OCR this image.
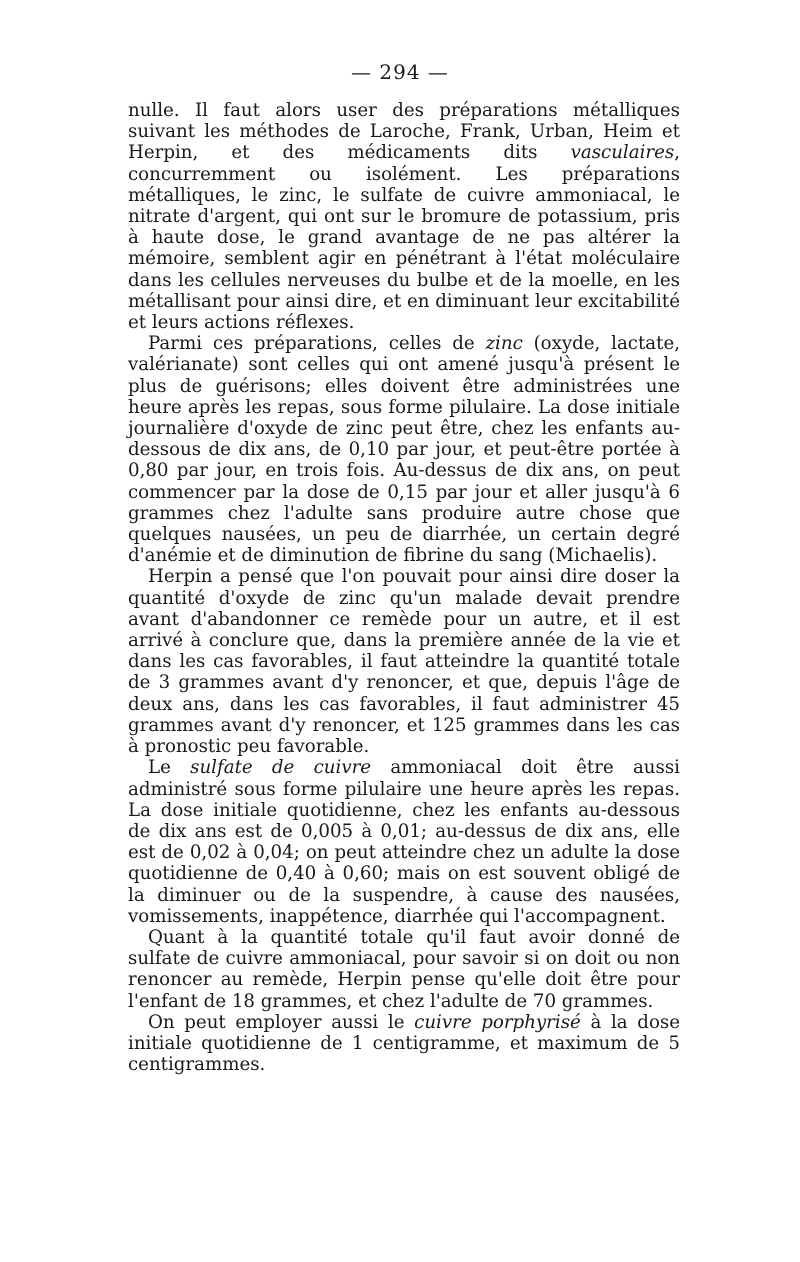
— 294 —

nulle. Il faut alors user des préparations métalliques suivant les méthodes de Laroche, Frank, Urban, Heim et Herpin, et des médicaments dits vasculaires, concurremment ou isolément. Les préparations métalliques, le zinc, le sulfate de cuivre ammoniacal, le nitrate d'argent, qui ont sur le bromure de potassium, pris à haute dose, le grand avantage de ne pas altérer la mémoire, semblent agir en pénétrant à l'état moléculaire dans les cellules nerveuses du bulbe et de la moelle, en les métallisant pour ainsi dire, et en diminuant leur excitabilité et leurs actions réflexes.

Parmi ces préparations, celles de zinc (oxyde, lactate, valérianate) sont celles qui ont amené jusqu'à présent le plus de guérisons; elles doivent être administrées une heure après les repas, sous forme pilulaire. La dose initiale journalière d'oxyde de zinc peut être, chez les enfants au-dessous de dix ans, de 0,10 par jour, et peut-être portée à 0,80 par jour, en trois fois. Au-dessus de dix ans, on peut commencer par la dose de 0,15 par jour et aller jusqu'à 6 grammes chez l'adulte sans produire autre chose que quelques nausées, un peu de diarrhée, un certain degré d'anémie et de diminution de fibrine du sang (Michaelis).

Herpin a pensé que l'on pouvait pour ainsi dire doser la quantité d'oxyde de zinc qu'un malade devait prendre avant d'abandonner ce remède pour un autre, et il est arrivé à conclure que, dans la première année de la vie et dans les cas favorables, il faut atteindre la quantité totale de 3 grammes avant d'y renoncer, et que, depuis l'âge de deux ans, dans les cas favorables, il faut administrer 45 grammes avant d'y renoncer, et 125 grammes dans les cas à pronostic peu favorable.

Le sulfate de cuivre ammoniacal doit être aussi administré sous forme pilulaire une heure après les repas. La dose initiale quotidienne, chez les enfants au-dessous de dix ans est de 0,005 à 0,01; au-dessus de dix ans, elle est de 0,02 à 0,04; on peut atteindre chez un adulte la dose quotidienne de 0,40 à 0,60; mais on est souvent obligé de la diminuer ou de la suspendre, à cause des nausées, vomissements, inappétence, diarrhée qui l'accompagnent.

Quant à la quantité totale qu'il faut avoir donné de sulfate de cuivre ammoniacal, pour savoir si on doit ou non renoncer au remède, Herpin pense qu'elle doit être pour l'enfant de 18 grammes, et chez l'adulte de 70 grammes.

On peut employer aussi le cuivre porphyrisé à la dose initiale quotidienne de 1 centigramme, et maximum de 5 centigrammes.
